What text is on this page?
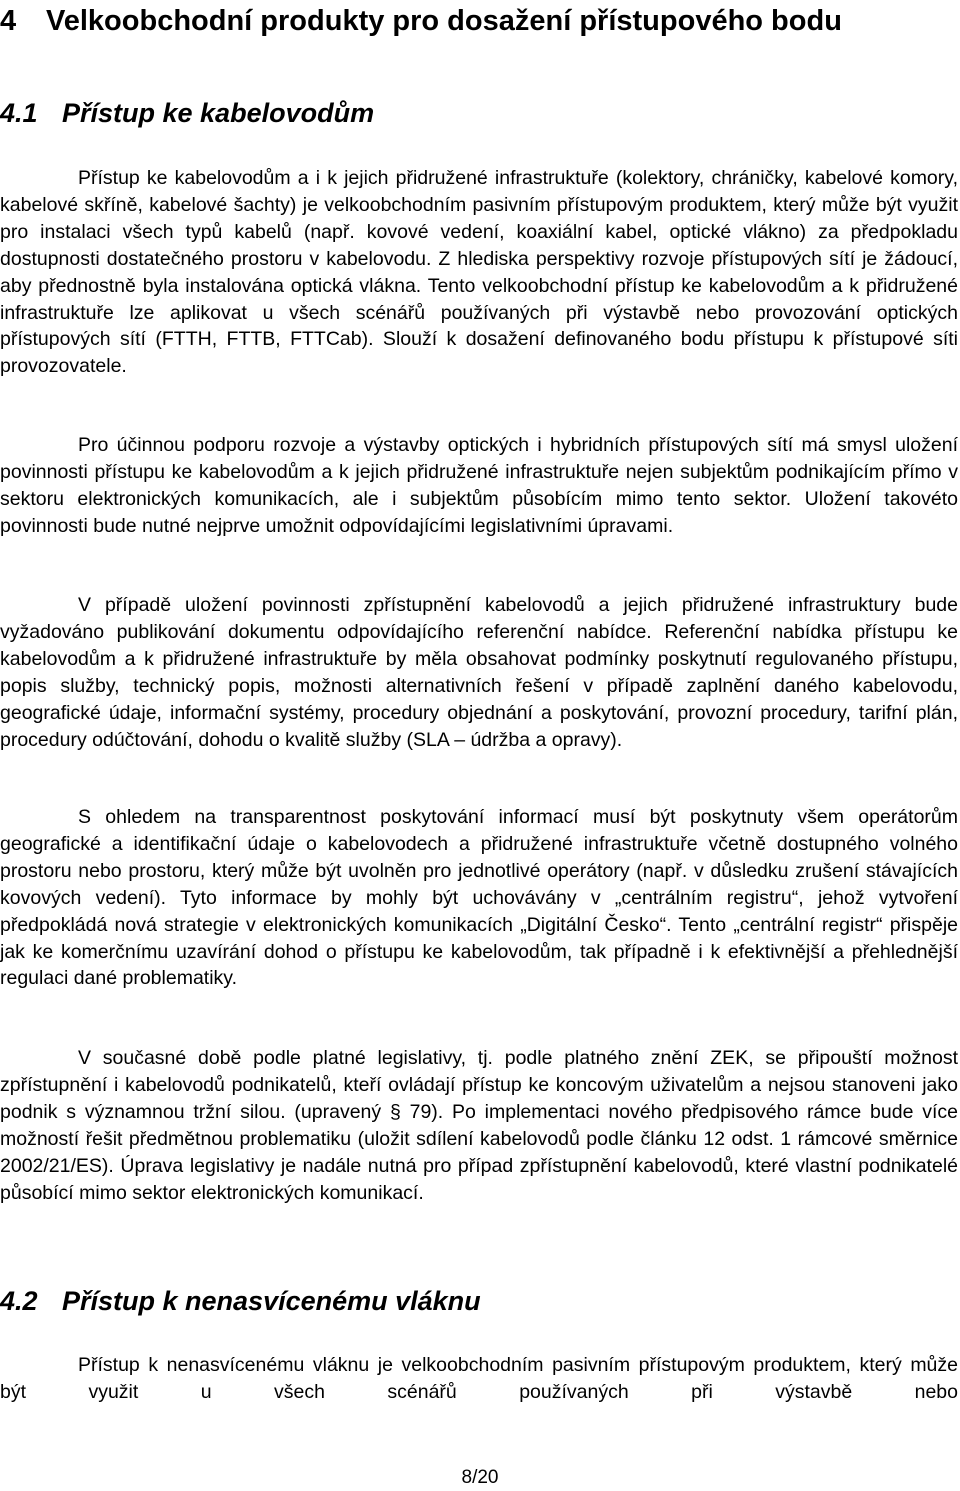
4 Velkoobchodní produkty pro dosažení přístupového bodu
4.1 Přístup ke kabelovodům

Přístup ke kabelovodům a i k jejich přidružené infrastruktuře (kolektory, chráničky, kabelové komory, kabelové skříně, kabelové šachty) je velkoobchodním pasivním přístupovým produktem, který může být využit pro instalaci všech typů kabelů (např. kovové vedení, koaxiální kabel, optické vlákno) za předpokladu dostupnosti dostatečného prostoru v kabelovodu. Z hlediska perspektivy rozvoje přístupových sítí je žádoucí, aby přednostně byla instalována optická vlákna. Tento velkoobchodní přístup ke kabelovodům a k přidružené infrastruktuře lze aplikovat u všech scénářů používaných při výstavbě nebo provozování optických přístupových sítí (FTTH, FTTB, FTTCab). Slouží k dosažení definovaného bodu přístupu k přístupové síti provozovatele.

Pro účinnou podporu rozvoje a výstavby optických i hybridních přístupových sítí má smysl uložení povinnosti přístupu ke kabelovodům a k jejich přidružené infrastruktuře nejen subjektům podnikajícím přímo v sektoru elektronických komunikacích, ale i subjektům působícím mimo tento sektor. Uložení takovéto povinnosti bude nutné nejprve umožnit odpovídajícími legislativními úpravami.

V případě uložení povinnosti zpřístupnění kabelovodů a jejich přidružené infrastruktury bude vyžadováno publikování dokumentu odpovídajícího referenční nabídce. Referenční nabídka přístupu ke kabelovodům a k přidružené infrastruktuře by měla obsahovat podmínky poskytnutí regulovaného přístupu, popis služby, technický popis, možnosti alternativních řešení v případě zaplnění daného kabelovodu, geografické údaje, informační systémy, procedury objednání a poskytování, provozní procedury, tarifní plán, procedury odúčtování, dohodu o kvalitě služby (SLA – údržba a opravy).

S ohledem na transparentnost poskytování informací musí být poskytnuty všem operátorům geografické a identifikační údaje o kabelovodech a přidružené infrastruktuře včetně dostupného volného prostoru nebo prostoru, který může být uvolněn pro jednotlivé operátory (např. v důsledku zrušení stávajících kovových vedení). Tyto informace by mohly být uchovávány v „centrálním registru“, jehož vytvoření předpokládá nová strategie v elektronických komunikacích „Digitální Česko“. Tento „centrální registr“ přispěje jak ke komerčnímu uzavírání dohod o přístupu ke kabelovodům, tak případně i k efektivnější a přehlednější regulaci dané problematiky.

V současné době podle platné legislativy, tj. podle platného znění ZEK, se připouští možnost zpřístupnění i kabelovodů podnikatelů, kteří ovládají přístup ke koncovým uživatelům a nejsou stanoveni jako podnik s významnou tržní silou. (upravený § 79). Po implementaci nového předpisového rámce bude více možností řešit předmětnou problematiku (uložit sdílení kabelovodů podle článku 12 odst. 1 rámcové směrnice 2002/21/ES). Úprava legislativy je nadále nutná pro případ zpřístupnění kabelovodů, které vlastní podnikatelé působící mimo sektor elektronických komunikací.

4.2 Přístup k nenasvícenému vláknu

Přístup k nenasvícenému vláknu je velkoobchodním pasivním přístupovým produktem, který může být využit u všech scénářů používaných při výstavbě nebo

8/20
